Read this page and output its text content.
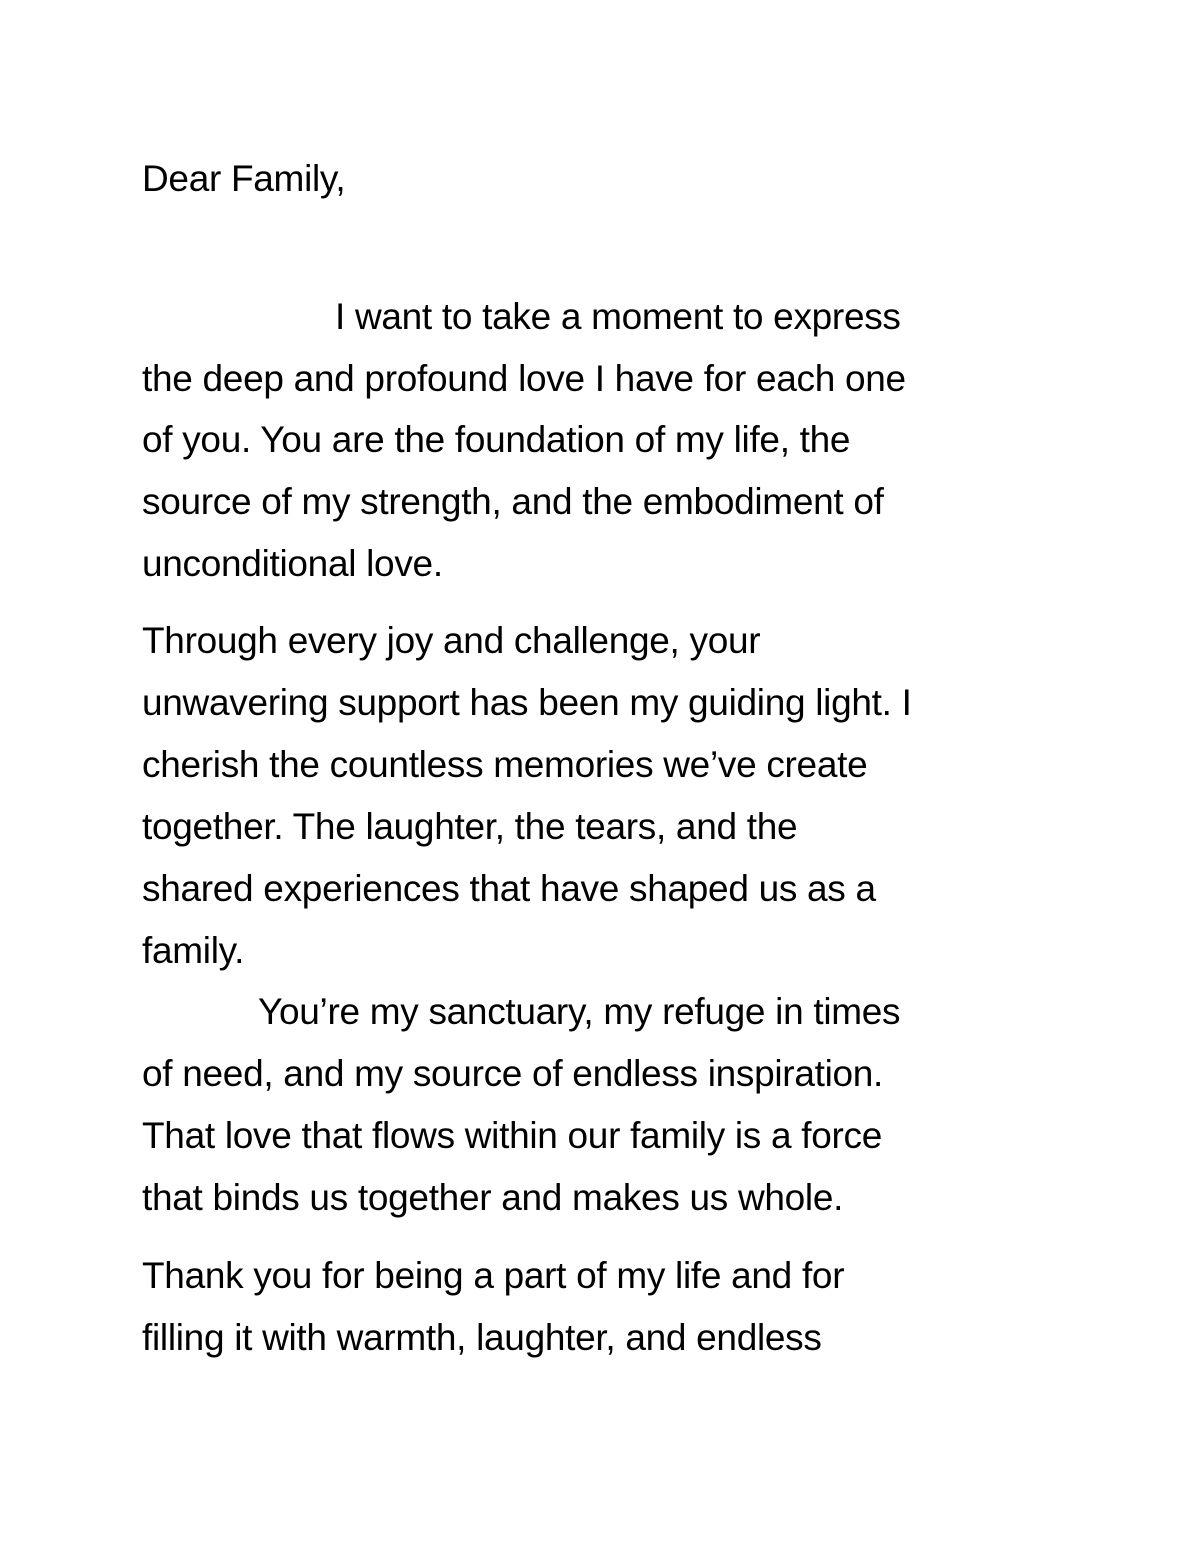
Dear Family,
I want to take a moment to express
the deep and profound love I have for each one
of you. You are the foundation of my life, the
source of my strength, and the embodiment of
unconditional love.
Through every joy and challenge, your
unwavering support has been my guiding light. I
cherish the countless memories we’ve create
together. The laughter, the tears, and the
shared experiences that have shaped us as a
family.
You’re my sanctuary, my refuge in times
of need, and my source of endless inspiration.
That love that flows within our family is a force
that binds us together and makes us whole.
Thank you for being a part of my life and for
filling it with warmth, laughter, and endless
